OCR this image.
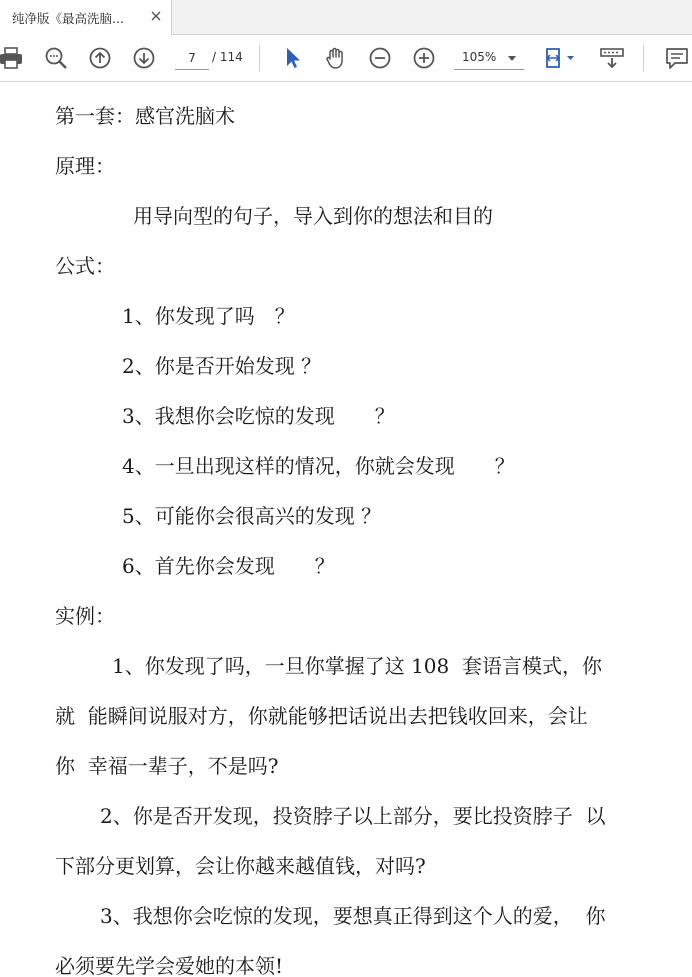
纯净版《最高洗脑...
7
/ 114	105%
第一套：感官洗脑术
原理：
用导向型的句子，导入到你的想法和目的
公式：
1、你发现了吗　？
2、你是否开始发现 ？
3、我想你会吃惊的发现　　？
4、一旦出现这样的情况，你就会发现　　？
5、可能你会很高兴的发现 ？
6、首先你会发现　　？
实例：
1、你发现了吗，一旦你掌握了这 108  套语言模式，你
就  能瞬间说服对方，你就能够把话说出去把钱收回来，会让
你  幸福一辈子，不是吗?
2、你是否开发现，投资脖子以上部分，要比投资脖子  以
下部分更划算，会让你越来越值钱，对吗?
3、我想你会吃惊的发现，要想真正得到这个人的爱，  你
必须要先学会爱她的本领!
